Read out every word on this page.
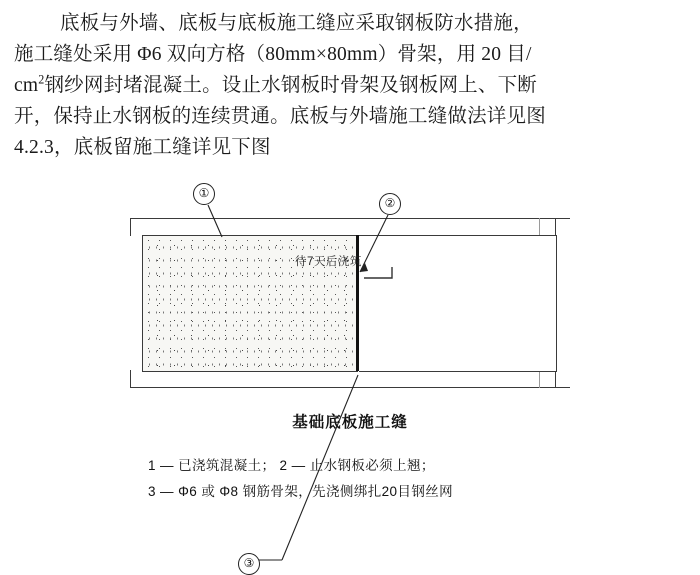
底板与外墙、底板与底板施工缝应采取钢板防水措施，
施工缝处采用 Φ6 双向方格（80mm×80mm）骨架，用 20 目/
$cm^2$钢纱网封堵混凝土。设止水钢板时骨架及钢板网上、下断
开，保持止水钢板的连续贯通。底板与外墙施工缝做法详见图
4.2.3，底板留施工缝详见下图
待7天后浇筑
①
②
③
基础底板施工缝
1 — 已浇筑混凝土； 2 — 止水钢板必须上翘；
3 — Φ6 或 Φ8 钢筋骨架，先浇侧绑扎20目钢丝网
